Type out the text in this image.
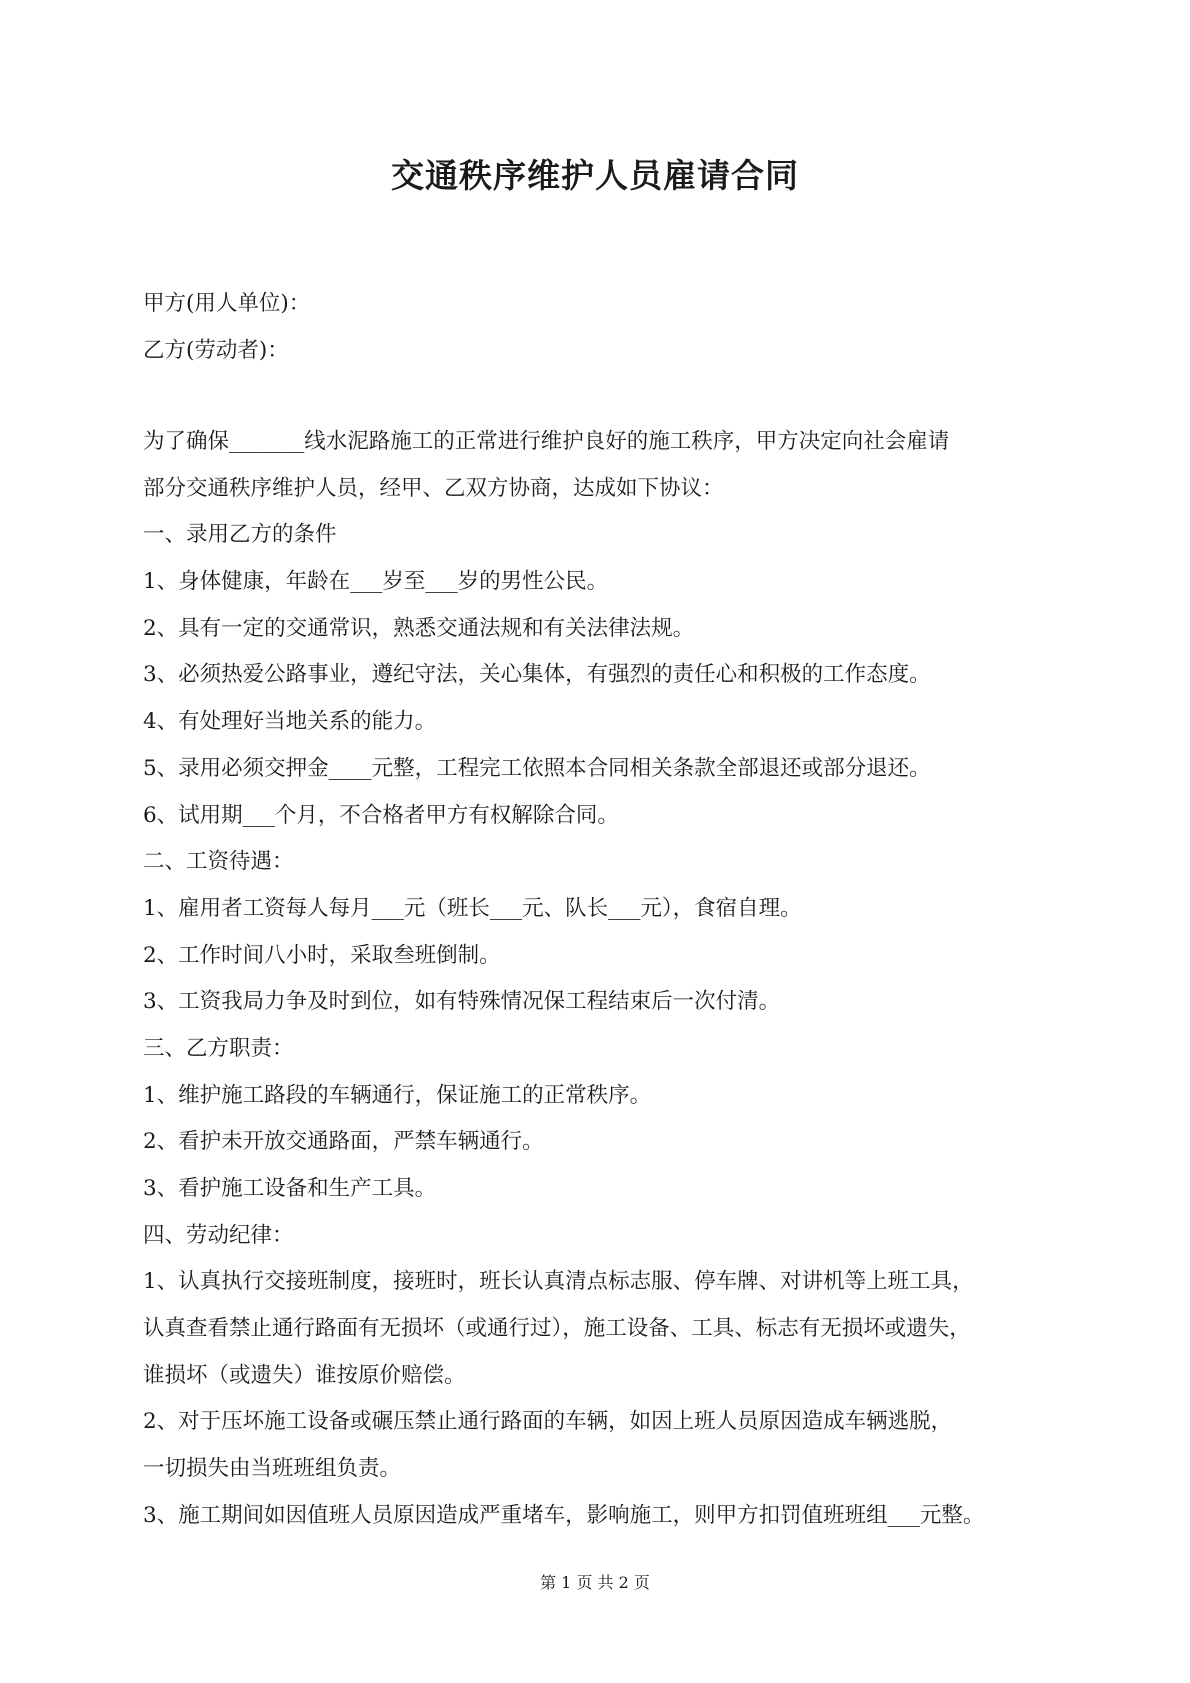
交通秩序维护人员雇请合同

甲方(用人单位)：

乙方(劳动者)：

为了确保_______线水泥路施工的正常进行维护良好的施工秩序，甲方决定向社会雇请

部分交通秩序维护人员，经甲、乙双方协商，达成如下协议：

一、录用乙方的条件

1、身体健康，年龄在___岁至___岁的男性公民。

2、具有一定的交通常识，熟悉交通法规和有关法律法规。

3、必须热爱公路事业，遵纪守法，关心集体，有强烈的责任心和积极的工作态度。

4、有处理好当地关系的能力。

5、录用必须交押金____元整，工程完工依照本合同相关条款全部退还或部分退还。

6、试用期___个月，不合格者甲方有权解除合同。

二、工资待遇：

1、雇用者工资每人每月___元（班长___元、队长___元），食宿自理。

2、工作时间八小时，采取叁班倒制。

3、工资我局力争及时到位，如有特殊情况保工程结束后一次付清。

三、乙方职责：

1、维护施工路段的车辆通行，保证施工的正常秩序。

2、看护未开放交通路面，严禁车辆通行。

3、看护施工设备和生产工具。

四、劳动纪律：

1、认真执行交接班制度，接班时，班长认真清点标志服、停车牌、对讲机等上班工具，

认真查看禁止通行路面有无损坏（或通行过），施工设备、工具、标志有无损坏或遗失，

谁损坏（或遗失）谁按原价赔偿。

2、对于压坏施工设备或碾压禁止通行路面的车辆，如因上班人员原因造成车辆逃脱，

一切损失由当班班组负责。

3、施工期间如因值班人员原因造成严重堵车，影响施工，则甲方扣罚值班班组___元整。

第 1 页 共 2 页
